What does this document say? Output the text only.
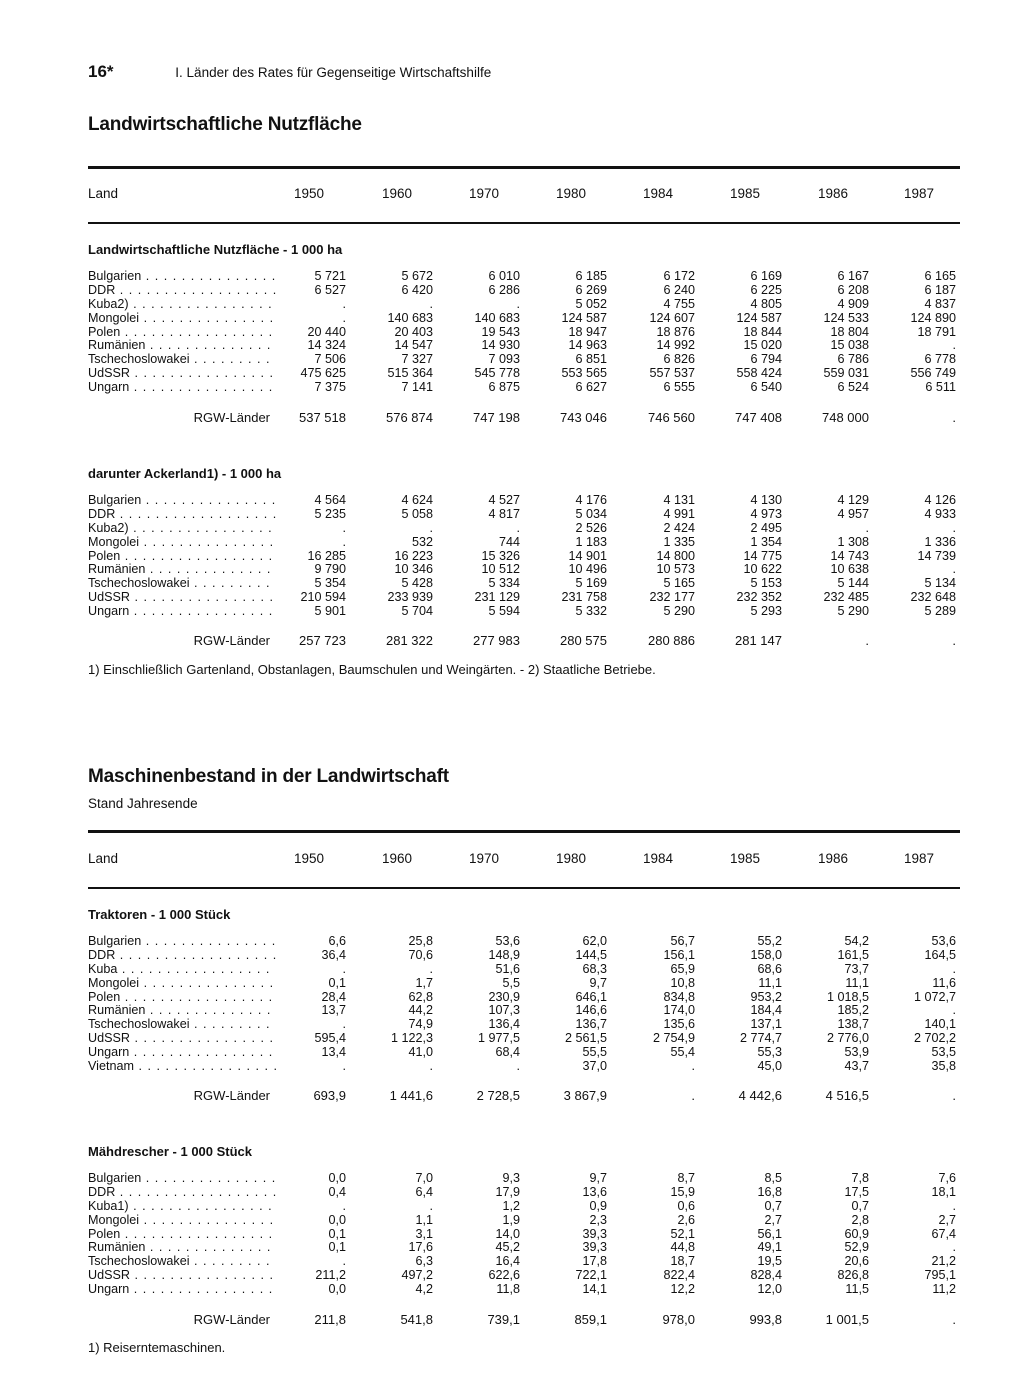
16*	I. Länder des Rates für Gegenseitige Wirtschaftshilfe
Landwirtschaftliche Nutzfläche
Land	1950	1960	1970	1980	1984	1985	1986	1987
Landwirtschaftliche Nutzfläche - 1 000 ha
Bulgarien . . .	5 721	5 672	6 010	6 185	6 172	6 169	6 167	6 165
DDR . . .	6 527	6 420	6 286	6 269	6 240	6 225	6 208	6 187
Kuba2) . . .	.	.	.	5 052	4 755	4 805	4 909	4 837
Mongolei . . .	.	140 683	140 683	124 587	124 607	124 587	124 533	124 890
Polen . . .	20 440	20 403	19 543	18 947	18 876	18 844	18 804	18 791
Rumänien . . .	14 324	14 547	14 930	14 963	14 992	15 020	15 038	.
Tschechoslowakei . . .	7 506	7 327	7 093	6 851	6 826	6 794	6 786	6 778
UdSSR . . .	475 625	515 364	545 778	553 565	557 537	558 424	559 031	556 749
Ungarn . . .	7 375	7 141	6 875	6 627	6 555	6 540	6 524	6 511
RGW-Länder	537 518	576 874	747 198	743 046	746 560	747 408	748 000	.
darunter Ackerland1) - 1 000 ha
Bulgarien . . .	4 564	4 624	4 527	4 176	4 131	4 130	4 129	4 126
DDR . . .	5 235	5 058	4 817	5 034	4 991	4 973	4 957	4 933
Kuba2) . . .	.	.	.	2 526	2 424	2 495	.	.
Mongolei . . .	.	532	744	1 183	1 335	1 354	1 308	1 336
Polen . . .	16 285	16 223	15 326	14 901	14 800	14 775	14 743	14 739
Rumänien . . .	9 790	10 346	10 512	10 496	10 573	10 622	10 638	.
Tschechoslowakei . . .	5 354	5 428	5 334	5 169	5 165	5 153	5 144	5 134
UdSSR . . .	210 594	233 939	231 129	231 758	232 177	232 352	232 485	232 648
Ungarn . . .	5 901	5 704	5 594	5 332	5 290	5 293	5 290	5 289
RGW-Länder	257 723	281 322	277 983	280 575	280 886	281 147	.	.
1) Einschließlich Gartenland, Obstanlagen, Baumschulen und Weingärten. - 2) Staatliche Betriebe.
Maschinenbestand in der Landwirtschaft
Stand Jahresende
Land	1950	1960	1970	1980	1984	1985	1986	1987
Traktoren - 1 000 Stück
Bulgarien . . .	6,6	25,8	53,6	62,0	56,7	55,2	54,2	53,6
DDR . . .	36,4	70,6	148,9	144,5	156,1	158,0	161,5	164,5
Kuba . . .	.	.	51,6	68,3	65,9	68,6	73,7	.
Mongolei . . .	0,1	1,7	5,5	9,7	10,8	11,1	11,1	11,6
Polen . . .	28,4	62,8	230,9	646,1	834,8	953,2	1 018,5	1 072,7
Rumänien . . .	13,7	44,2	107,3	146,6	174,0	184,4	185,2	.
Tschechoslowakei . . .	.	74,9	136,4	136,7	135,6	137,1	138,7	140,1
UdSSR . . .	595,4	1 122,3	1 977,5	2 561,5	2 754,9	2 774,7	2 776,0	2 702,2
Ungarn . . .	13,4	41,0	68,4	55,5	55,4	55,3	53,9	53,5
Vietnam . . .	.	.	.	37,0	.	45,0	43,7	35,8
RGW-Länder	693,9	1 441,6	2 728,5	3 867,9	.	4 442,6	4 516,5	.
Mähdrescher - 1 000 Stück
Bulgarien . . .	0,0	7,0	9,3	9,7	8,7	8,5	7,8	7,6
DDR . . .	0,4	6,4	17,9	13,6	15,9	16,8	17,5	18,1
Kuba1) . . .	.	.	1,2	0,9	0,6	0,7	0,7	.
Mongolei . . .	0,0	1,1	1,9	2,3	2,6	2,7	2,8	2,7
Polen . . .	0,1	3,1	14,0	39,3	52,1	56,1	60,9	67,4
Rumänien . . .	0,1	17,6	45,2	39,3	44,8	49,1	52,9	.
Tschechoslowakei . . .	.	6,3	16,4	17,8	18,7	19,5	20,6	21,2
UdSSR . . .	211,2	497,2	622,6	722,1	822,4	828,4	826,8	795,1
Ungarn . . .	0,0	4,2	11,8	14,1	12,2	12,0	11,5	11,2
RGW-Länder	211,8	541,8	739,1	859,1	978,0	993,8	1 001,5	.
1) Reiserntemaschinen.
